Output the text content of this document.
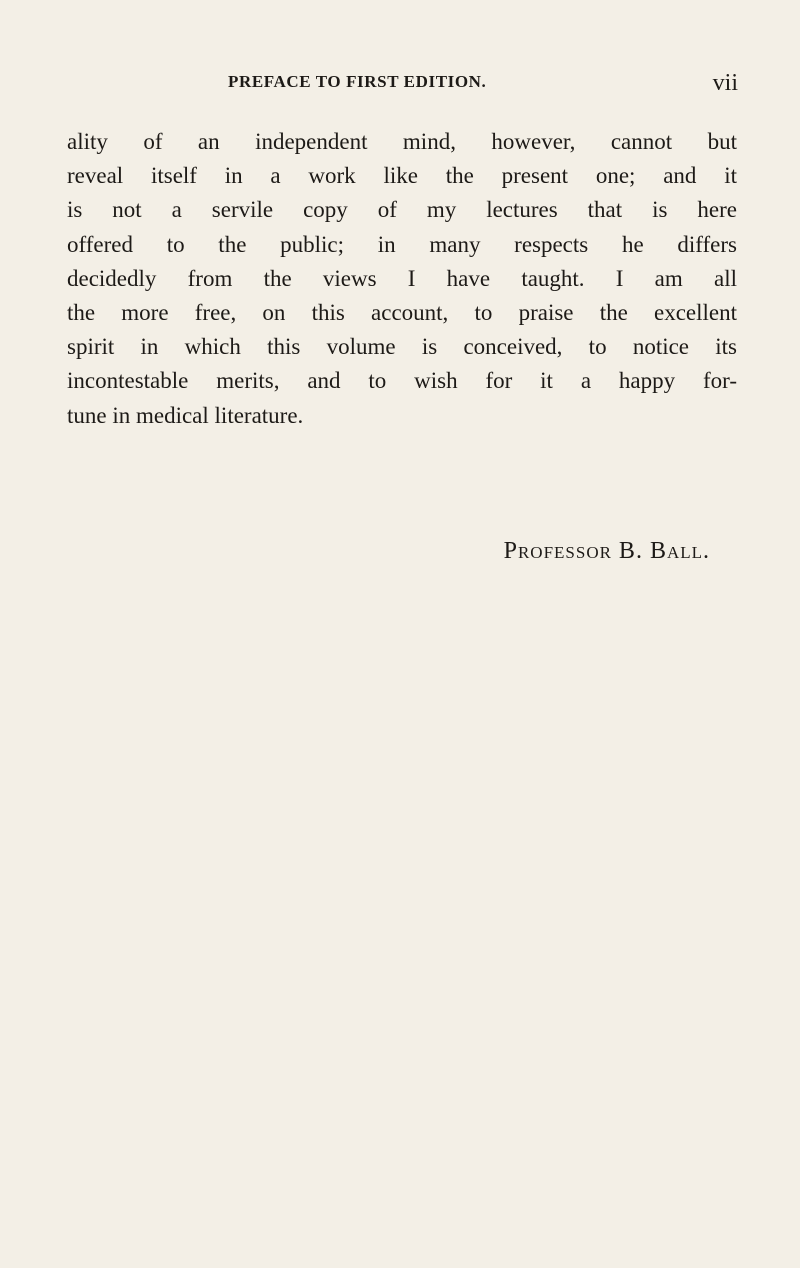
PREFACE TO FIRST EDITION.	vii
ality of an independent mind, however, cannot but
reveal itself in a work like the present one; and it
is not a servile copy of my lectures that is here
offered to the public; in many respects he differs
decidedly from the views I have taught. I am all
the more free, on this account, to praise the excellent
spirit in which this volume is conceived, to notice its
incontestable merits, and to wish for it a happy for-
tune in medical literature.
Professor B. Ball.
